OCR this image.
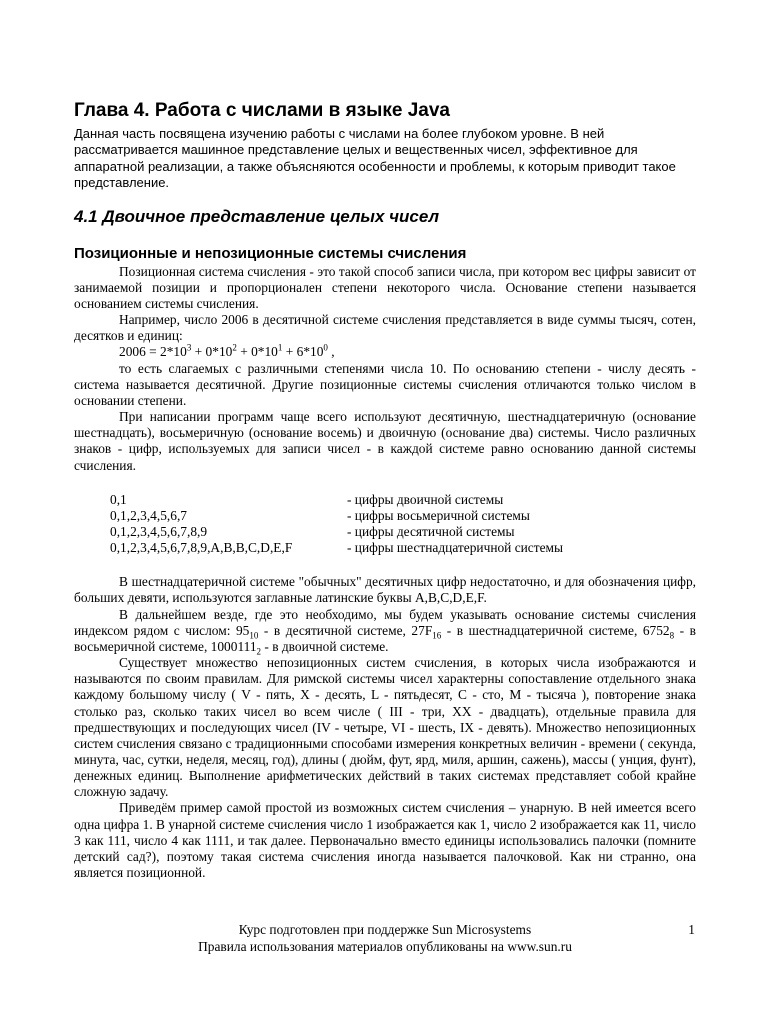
Глава 4. Работа с числами в языке Java

Данная часть посвящена изучению работы с числами на более глубоком уровне. В ней рассматривается машинное представление целых и вещественных чисел, эффективное для аппаратной реализации, а также объясняются особенности и проблемы, к которым приводит такое представление.

4.1 Двоичное представление целых чисел
Позиционные и непозиционные системы счисления

Позиционная система счисления - это такой способ записи числа, при котором вес цифры зависит от занимаемой позиции и пропорционален степени некоторого числа. Основание степени называется основанием системы счисления.

Например, число 2006 в десятичной системе счисления представляется в виде суммы тысяч, сотен, десятков и единиц:

$2006 = 2*10^3 + 0*10^2 + 0*10^1 + 6*10^0$ ,

то есть слагаемых с различными степенями числа 10. По основанию степени - числу десять - система называется десятичной. Другие позиционные системы счисления отличаются только числом в основании степени.

При написании программ чаще всего используют десятичную, шестнадцатеричную (основание шестнадцать), восьмеричную (основание восемь) и двоичную (основание два) системы. Число различных знаков - цифр, используемых для записи чисел - в каждой системе равно основанию данной системы счисления.

0,1	- цифры двоичной системы
0,1,2,3,4,5,6,7	- цифры восьмеричной системы
0,1,2,3,4,5,6,7,8,9	- цифры десятичной системы
0,1,2,3,4,5,6,7,8,9,A,B,B,C,D,E,F	- цифры шестнадцатеричной системы

В шестнадцатеричной системе "обычных" десятичных цифр недостаточно, и для обозначения цифр, больших девяти, используются заглавные латинские буквы A,B,C,D,E,F.

В дальнейшем везде, где это необходимо, мы будем указывать основание системы счисления индексом рядом с числом: $95_{10}$ - в десятичной системе, $27F_{16}$ - в шестнадцатеричной системе, $6752_8$ - в восьмеричной системе, $1000111_2$ - в двоичной системе.

Существует множество непозиционных систем счисления, в которых числа изображаются и называются по своим правилам. Для римской системы чисел характерны сопоставление отдельного знака каждому большому числу ( V - пять, X - десять, L - пятьдесят, C - сто, M - тысяча ), повторение знака столько раз, сколько таких чисел во всем числе ( III - три, XX - двадцать), отдельные правила для предшествующих и последующих чисел (IV - четыре, VI - шесть, IX - девять). Множество непозиционных систем счисления связано с традиционными способами измерения конкретных величин - времени ( секунда, минута, час, сутки, неделя, месяц, год), длины ( дюйм, фут, ярд, миля, аршин, сажень), массы ( унция, фунт), денежных единиц. Выполнение арифметических действий в таких системах представляет собой крайне сложную задачу.

Приведём пример самой простой из возможных систем счисления – унарную. В ней имеется всего одна цифра 1. В унарной системе счисления число 1 изображается как 1, число 2 изображается как 11, число 3 как 111, число 4 как 1111, и так далее. Первоначально вместо единицы использовались палочки (помните детский сад?), поэтому такая система счисления иногда называется палочковой. Как ни странно, она является позиционной.

Курс подготовлен при поддержке Sun Microsystems
Правила использования материалов опубликованы на www.sun.ru
1
